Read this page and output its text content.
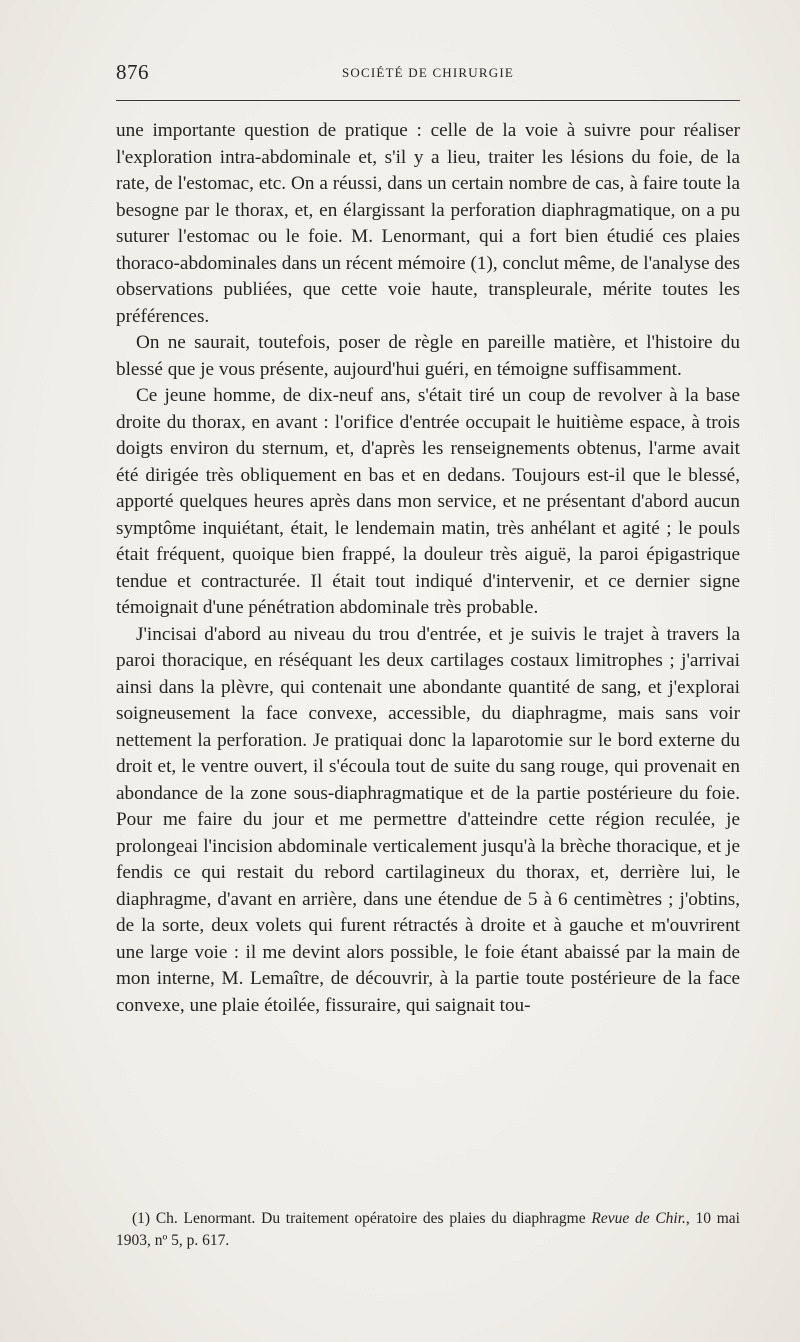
876	SOCIÉTÉ DE CHIRURGIE

une importante question de pratique : celle de la voie à suivre pour réaliser l'exploration intra-abdominale et, s'il y a lieu, traiter les lésions du foie, de la rate, de l'estomac, etc. On a réussi, dans un certain nombre de cas, à faire toute la besogne par le thorax, et, en élargissant la perforation diaphragmatique, on a pu suturer l'estomac ou le foie. M. Lenormant, qui a fort bien étudié ces plaies thoraco-abdominales dans un récent mémoire (1), conclut même, de l'analyse des observations publiées, que cette voie haute, transpleurale, mérite toutes les préférences.

On ne saurait, toutefois, poser de règle en pareille matière, et l'histoire du blessé que je vous présente, aujourd'hui guéri, en témoigne suffisamment.

Ce jeune homme, de dix-neuf ans, s'était tiré un coup de revolver à la base droite du thorax, en avant : l'orifice d'entrée occupait le huitième espace, à trois doigts environ du sternum, et, d'après les renseignements obtenus, l'arme avait été dirigée très obliquement en bas et en dedans. Toujours est-il que le blessé, apporté quelques heures après dans mon service, et ne présentant d'abord aucun symptôme inquiétant, était, le lendemain matin, très anhélant et agité ; le pouls était fréquent, quoique bien frappé, la douleur très aiguë, la paroi épigastrique tendue et contracturée. Il était tout indiqué d'intervenir, et ce dernier signe témoignait d'une pénétration abdominale très probable.

J'incisai d'abord au niveau du trou d'entrée, et je suivis le trajet à travers la paroi thoracique, en réséquant les deux cartilages costaux limitrophes ; j'arrivai ainsi dans la plèvre, qui contenait une abondante quantité de sang, et j'explorai soigneusement la face convexe, accessible, du diaphragme, mais sans voir nettement la perforation. Je pratiquai donc la laparotomie sur le bord externe du droit et, le ventre ouvert, il s'écoula tout de suite du sang rouge, qui provenait en abondance de la zone sous-diaphragmatique et de la partie postérieure du foie. Pour me faire du jour et me permettre d'atteindre cette région reculée, je prolongeai l'incision abdominale verticalement jusqu'à la brèche thoracique, et je fendis ce qui restait du rebord cartilagineux du thorax, et, derrière lui, le diaphragme, d'avant en arrière, dans une étendue de 5 à 6 centimètres ; j'obtins, de la sorte, deux volets qui furent rétractés à droite et à gauche et m'ouvrirent une large voie : il me devint alors possible, le foie étant abaissé par la main de mon interne, M. Lemaître, de découvrir, à la partie toute postérieure de la face convexe, une plaie étoilée, fissuraire, qui saignait tou-

(1) Ch. Lenormant. Du traitement opératoire des plaies du diaphragme Revue de Chir., 10 mai 1903, nº 5, p. 617.
